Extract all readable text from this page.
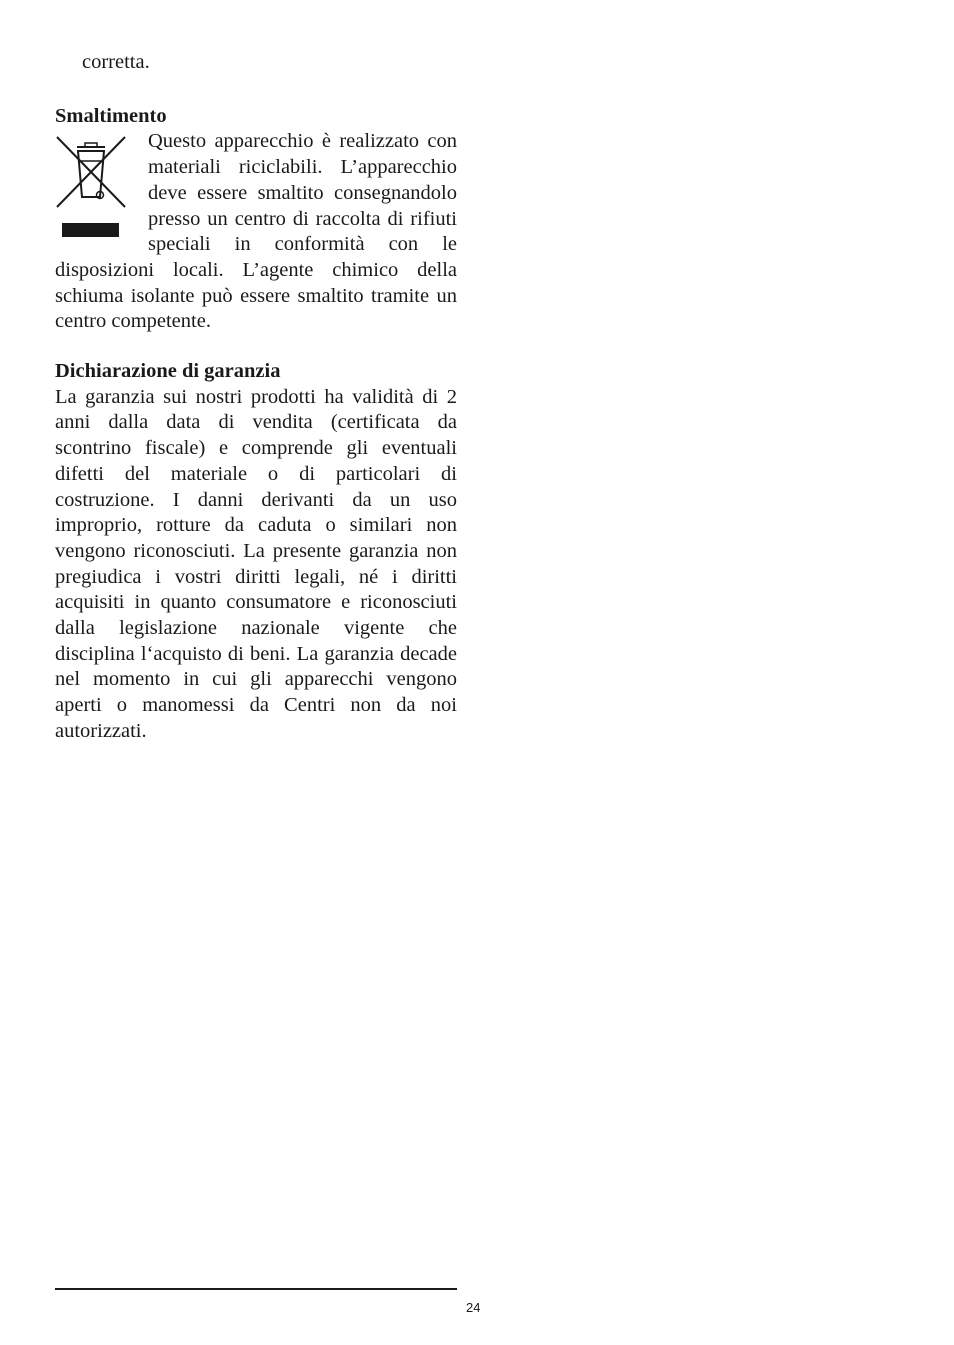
corretta.

Smaltimento

Questo apparecchio è realizzato con materiali riciclabili. L’apparecchio deve essere smaltito consegnandolo presso un centro di raccolta di rifiuti speciali in conformità con le disposizioni locali. L’agente chimico della schiuma isolante può essere smaltito tramite un centro competente.

Dichiarazione di garanzia

La garanzia sui nostri prodotti ha validità di 2 anni dalla data di vendita (certificata da scontrino fiscale) e comprende gli eventuali difetti del materiale o di particolari di costruzione. I danni derivanti da un uso improprio, rotture da caduta o similari non vengono riconosciuti. La presente garanzia non pregiudica i vostri diritti legali, né i diritti acquisiti in quanto consumatore e riconosciuti dalla legislazione nazionale vigente che disciplina l‘acquisto di beni. La garanzia decade nel momento in cui gli apparecchi vengono aperti o manomessi da Centri non da noi autorizzati.

24
